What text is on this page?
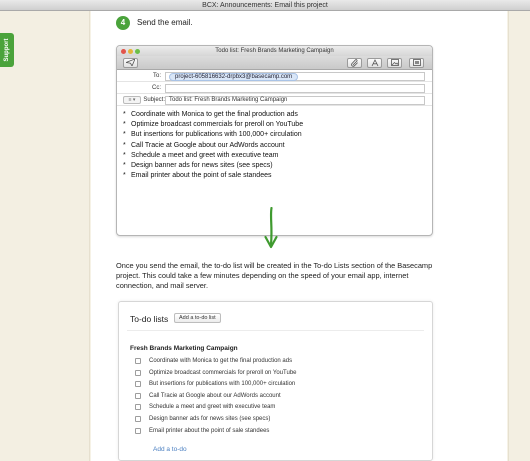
BCX: Announcements: Email this project
Support
4	Send the email.
Todo list: Fresh Brands Marketing Campaign
To:	project-605816632-drpbx3@basecamp.com
Cc:
≡ ▾	Subject: Todo list: Fresh Brands Marketing Campaign
* Coordinate with Monica to get the final production ads
* Optimize broadcast commercials for preroll on YouTube
* But insertions for publications with 100,000+ circulation
* Call Tracie at Google about our AdWords account
* Schedule a meet and greet with executive team
* Design banner ads for news sites (see specs)
* Email printer about the point of sale standees

Once you send the email, the to-do list will be created in the To-do Lists section of the Basecamp project. This could take a few minutes depending on the speed of your email app, internet connection, and mail server.

To-do lists	Add a to-do list
Fresh Brands Marketing Campaign
Coordinate with Monica to get the final production ads
Optimize broadcast commercials for preroll on YouTube
But insertions for publications with 100,000+ circulation
Call Tracie at Google about our AdWords account
Schedule a meet and greet with executive team
Design banner ads for news sites (see specs)
Email printer about the point of sale standees
Add a to-do
